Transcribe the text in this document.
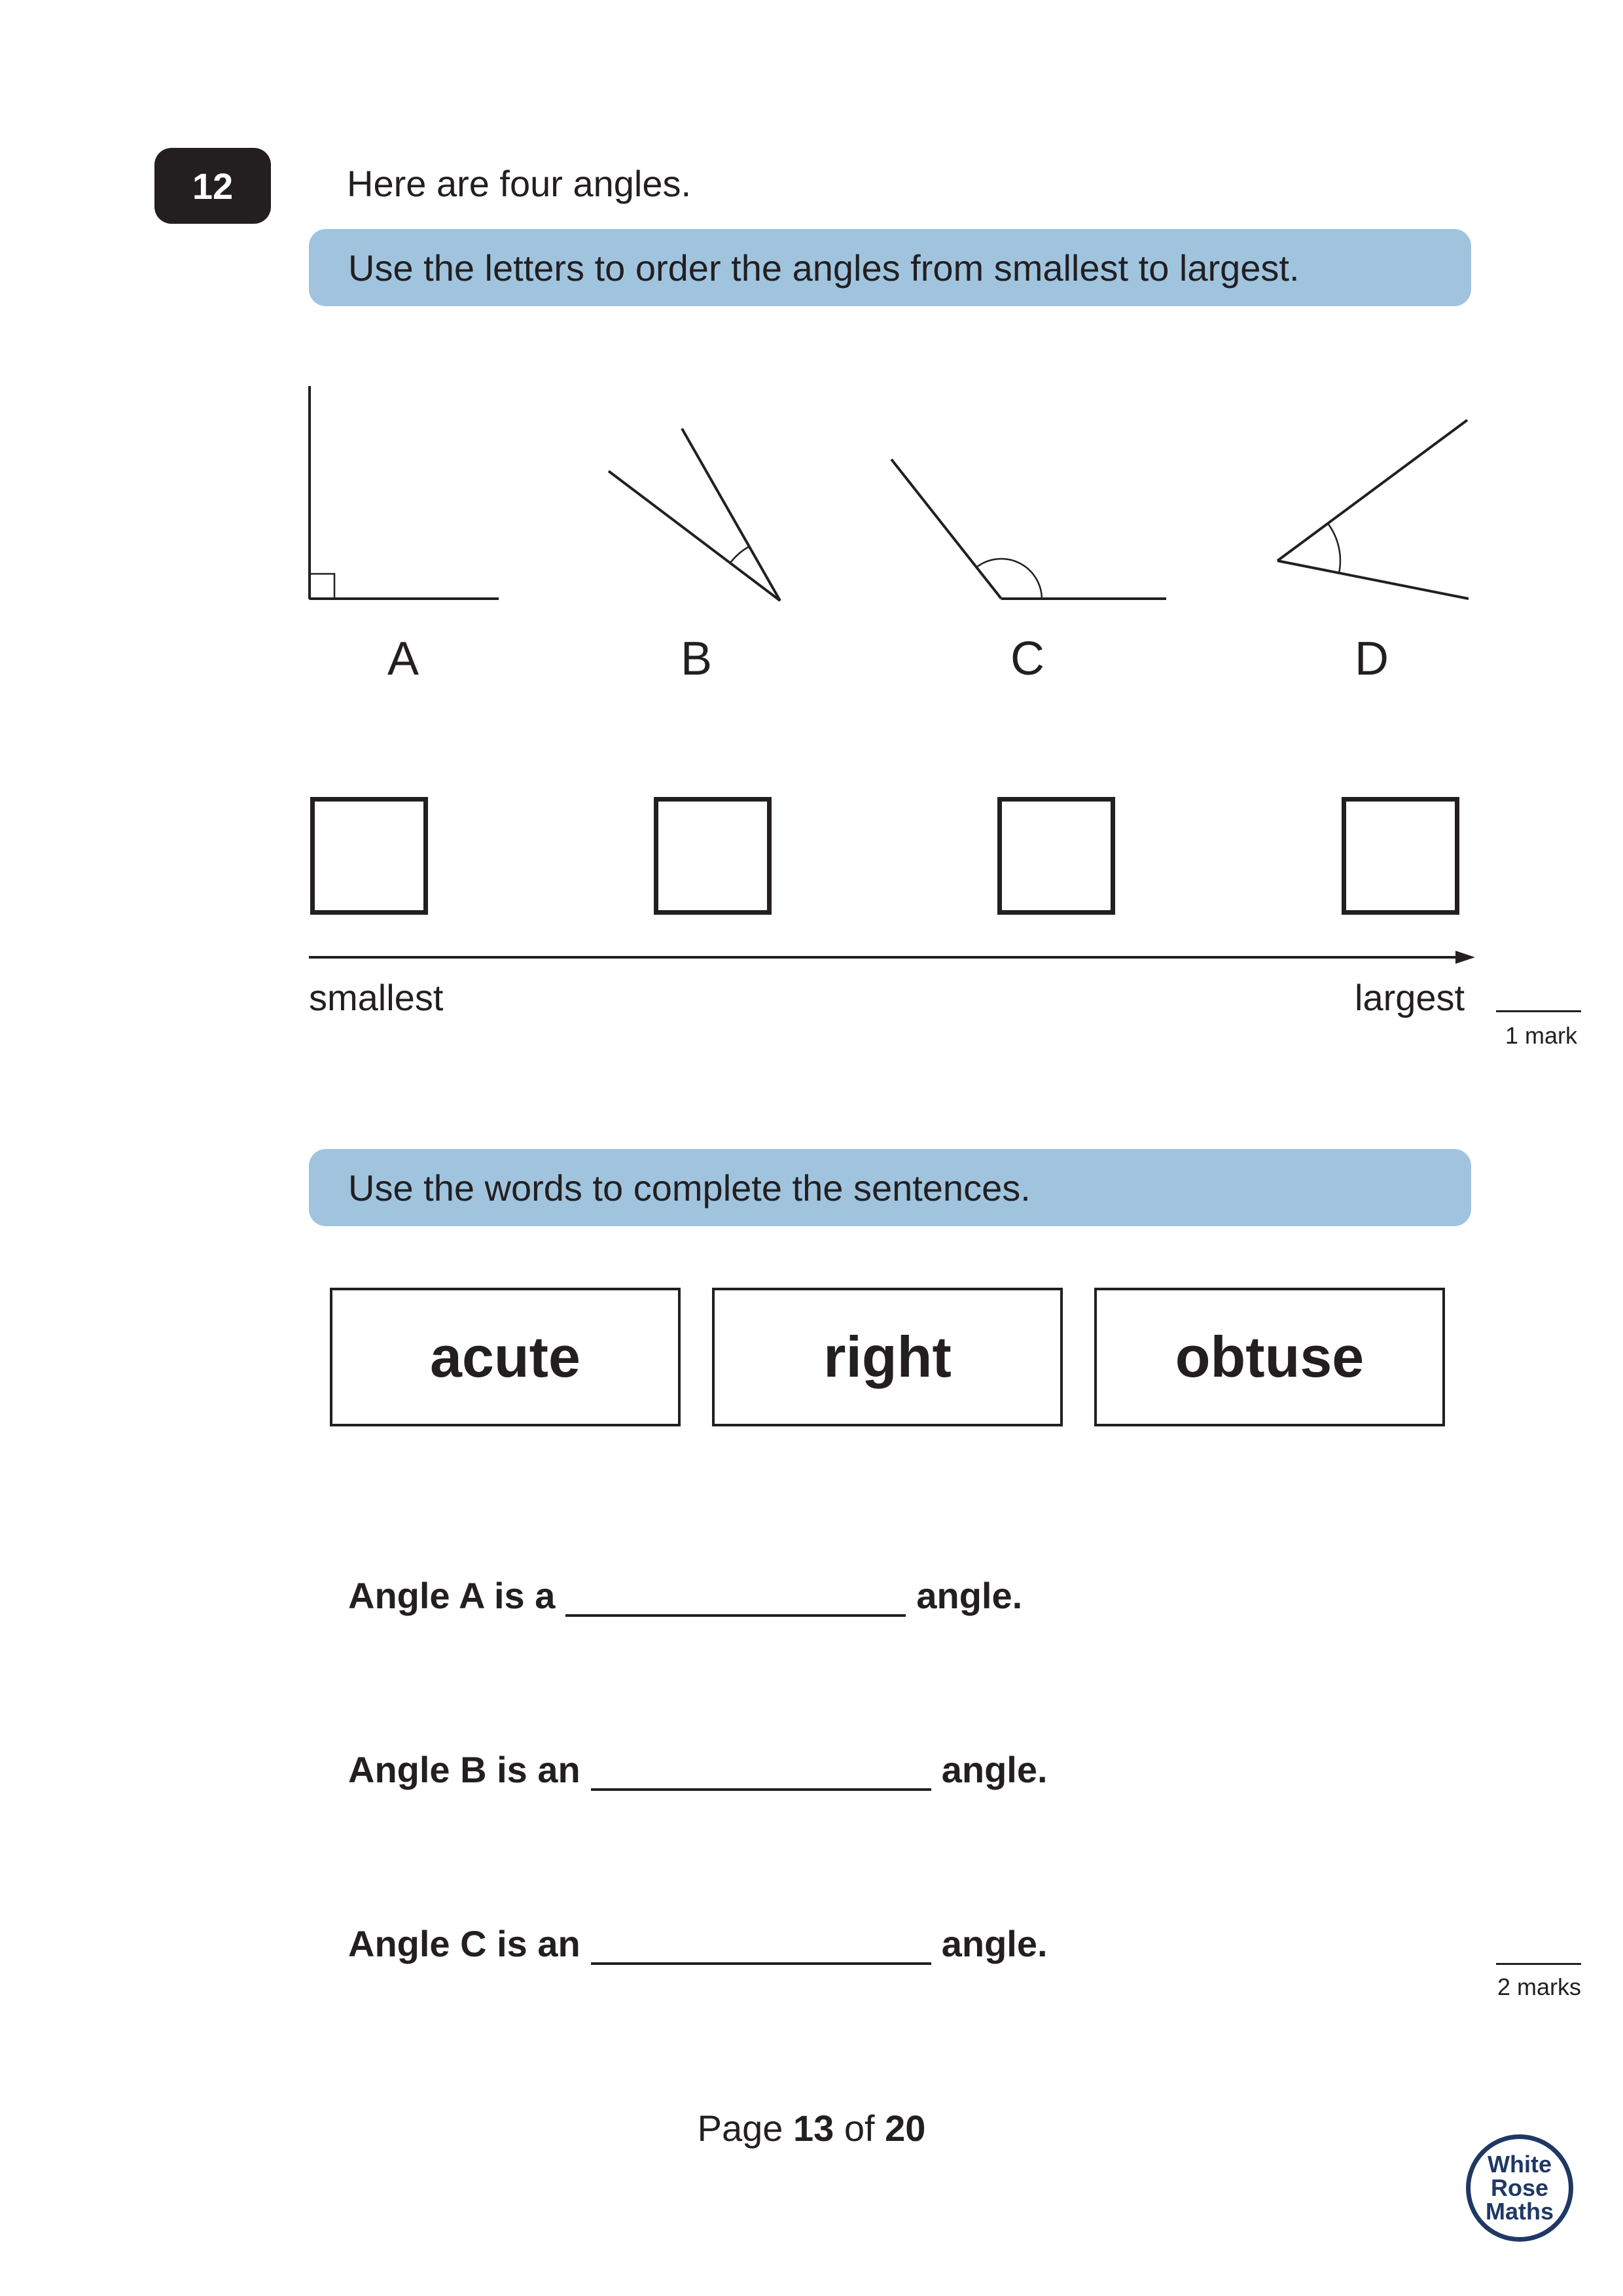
12	Here are four angles.
Use the letters to order the angles from smallest to largest.
A	B	C	D
smallest	largest
1 mark
Use the words to complete the sentences.
acute	right	obtuse
Angle A is a	angle.
Angle B is an	angle.
Angle C is an	angle.
2 marks
Page 13 of 20
White
Rose
Maths
